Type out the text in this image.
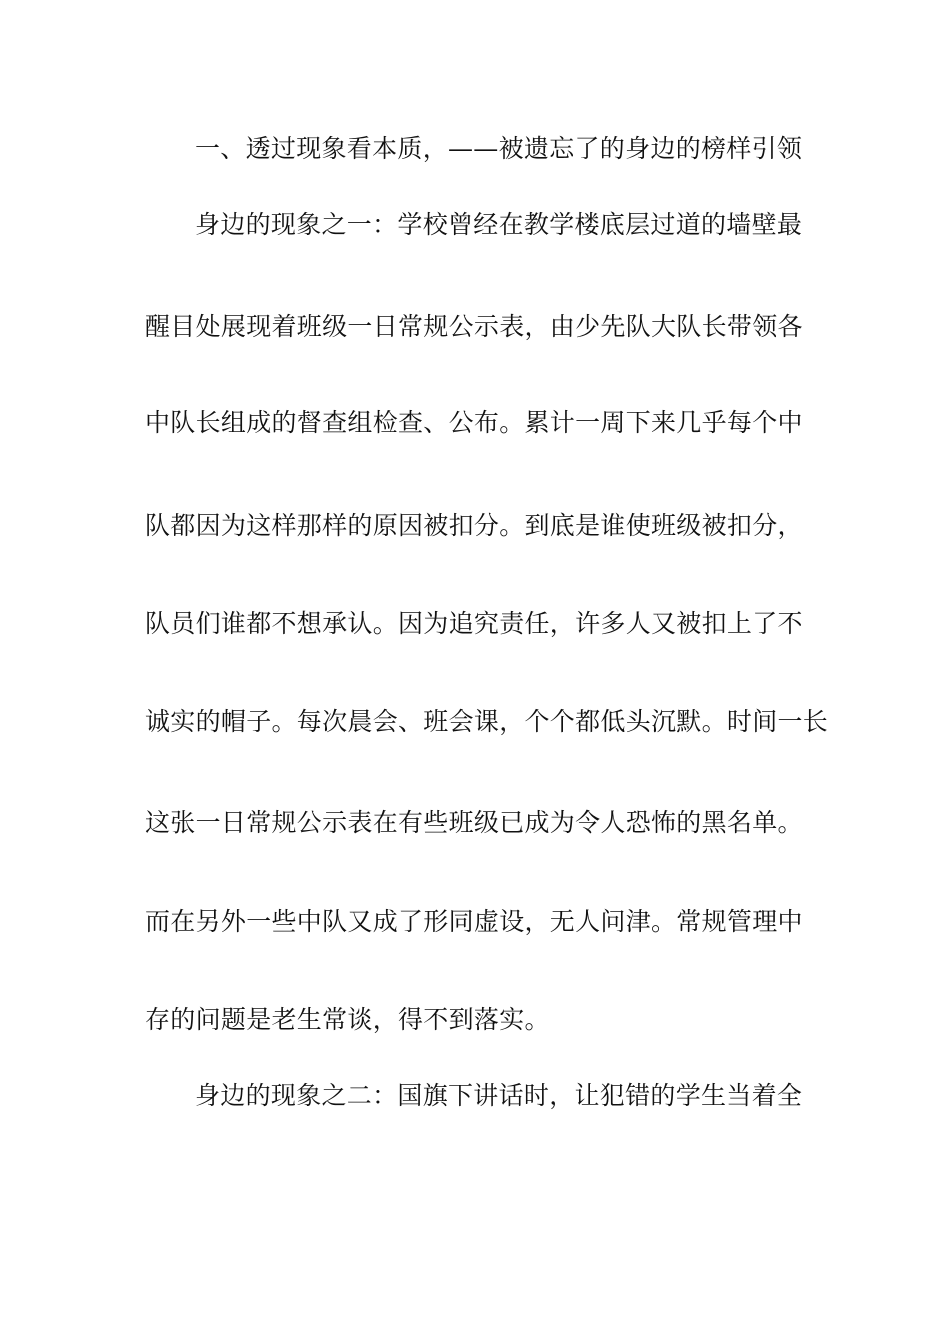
一、透过现象看本质，——被遗忘了的身边的榜样引领
身边的现象之一：学校曾经在教学楼底层过道的墙壁最
醒目处展现着班级一日常规公示表，由少先队大队长带领各
中队长组成的督查组检查、公布。累计一周下来几乎每个中
队都因为这样那样的原因被扣分。到底是谁使班级被扣分，
队员们谁都不想承认。因为追究责任，许多人又被扣上了不
诚实的帽子。每次晨会、班会课，个个都低头沉默。时间一长
这张一日常规公示表在有些班级已成为令人恐怖的黑名单。
而在另外一些中队又成了形同虚设，无人问津。常规管理中
存的问题是老生常谈，得不到落实。
身边的现象之二：国旗下讲话时，让犯错的学生当着全
